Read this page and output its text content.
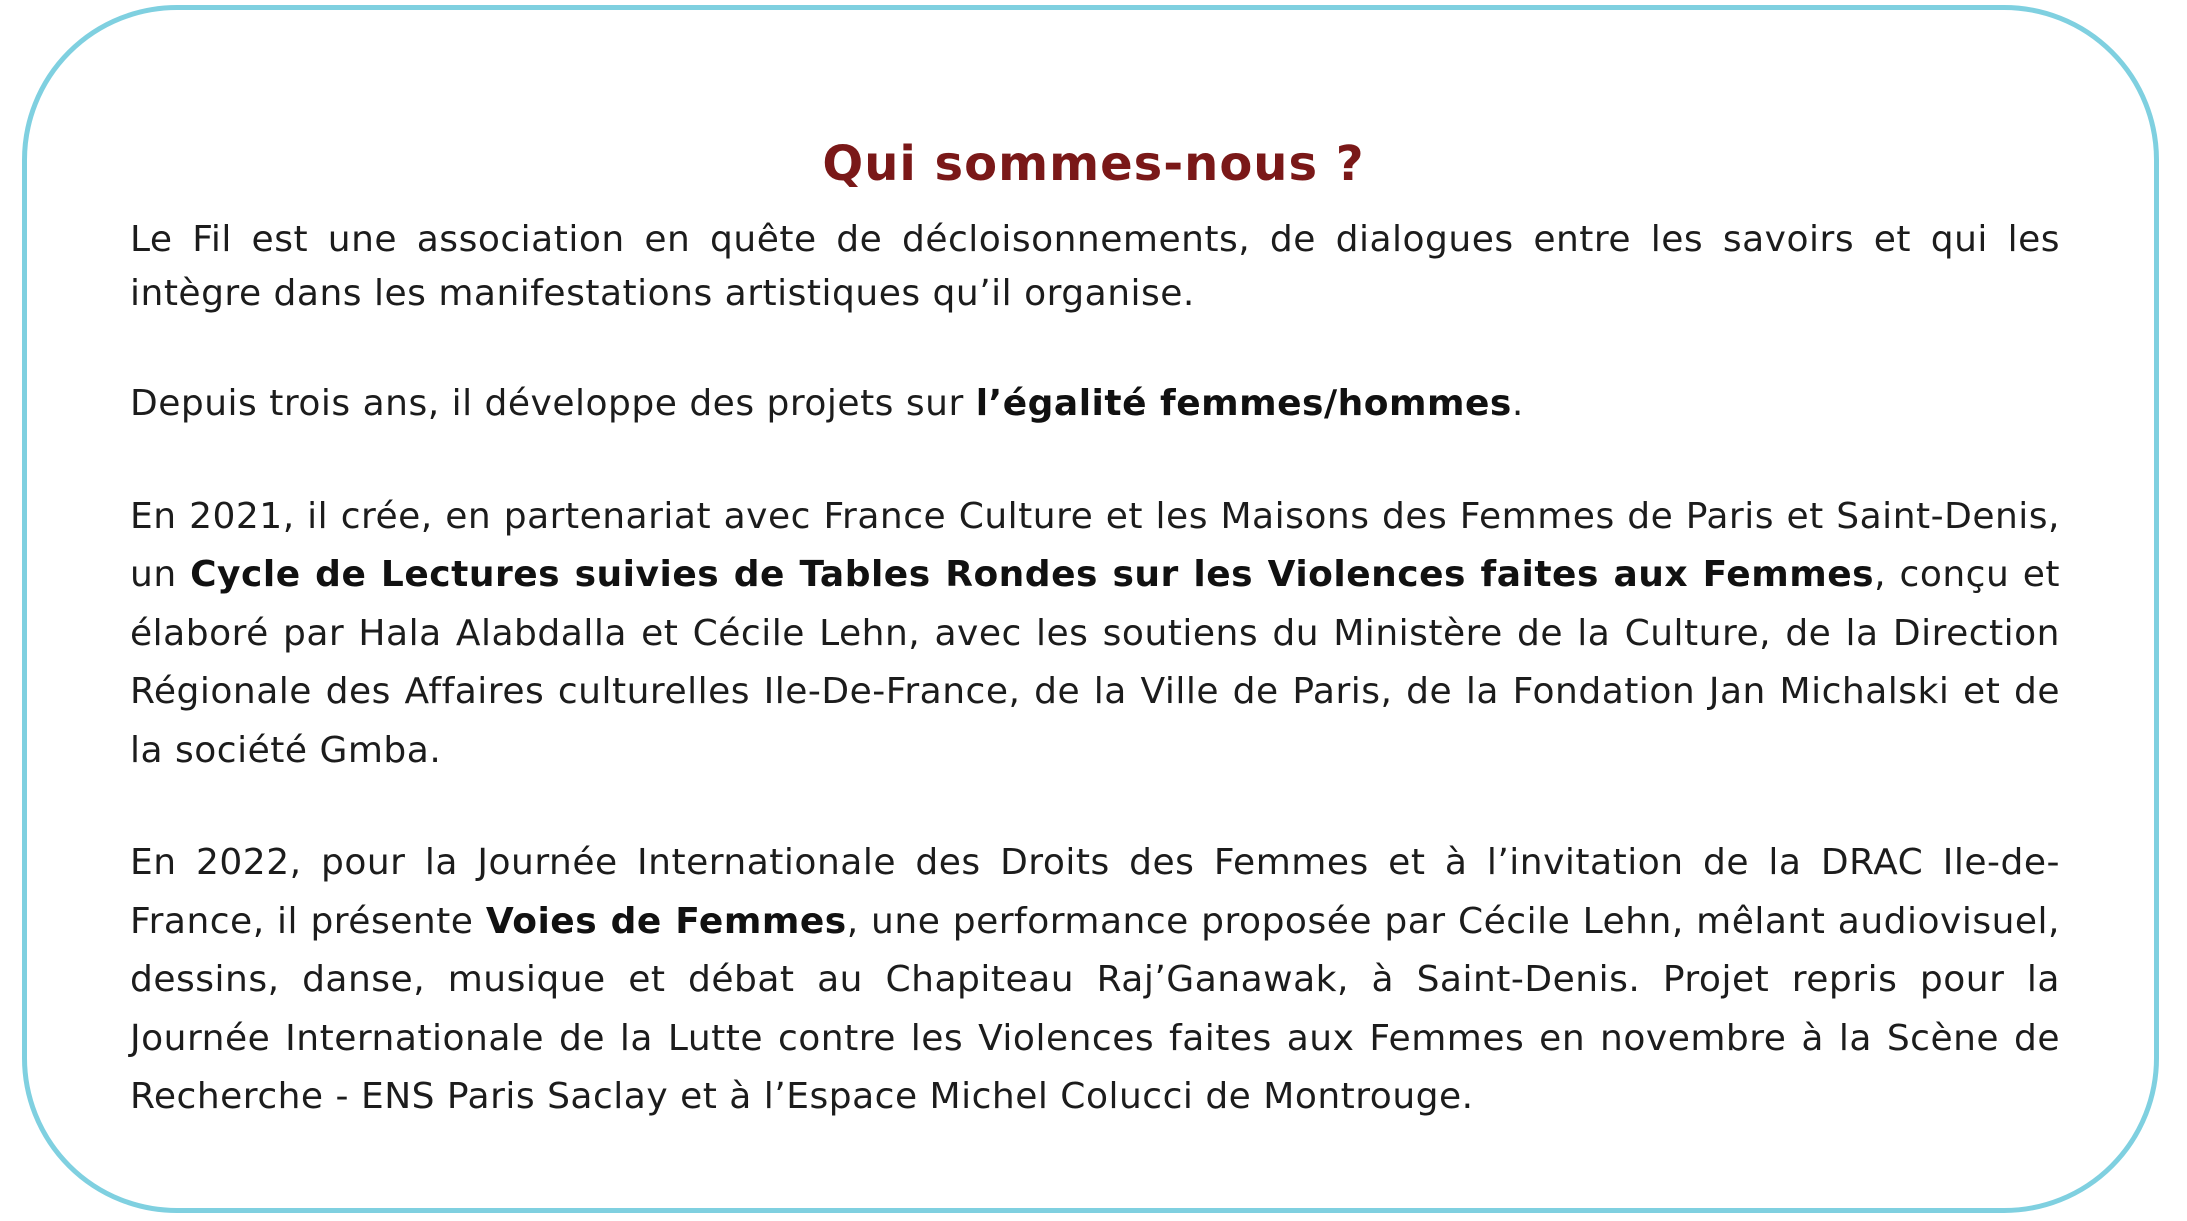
Qui sommes-nous ?

Le Fil est une association en quête de décloisonnements, de dialogues entre les savoirs et qui les intègre dans les manifestations artistiques qu’il organise.

Depuis trois ans, il développe des projets sur l’égalité femmes/hommes.

En 2021, il crée, en partenariat avec France Culture et les Maisons des Femmes de Paris et Saint-Denis, un Cycle de Lectures suivies de Tables Rondes sur les Violences faites aux Femmes, conçu et élaboré par Hala Alabdalla et Cécile Lehn, avec les soutiens du Ministère de la Culture, de la Direction Régionale des Affaires culturelles Ile-De-France, de la Ville de Paris, de la Fondation Jan Michalski et de la société Gmba.

En 2022, pour la Journée Internationale des Droits des Femmes et à l’invitation de la DRAC Ile-de-France, il présente Voies de Femmes, une performance proposée par Cécile Lehn, mêlant audiovisuel, dessins, danse, musique et débat au Chapiteau Raj’Ganawak, à Saint-Denis. Projet repris pour la Journée Internationale de la Lutte contre les Violences faites aux Femmes en novembre à la Scène de Recherche - ENS Paris Saclay et à l’Espace Michel Colucci de Montrouge.
